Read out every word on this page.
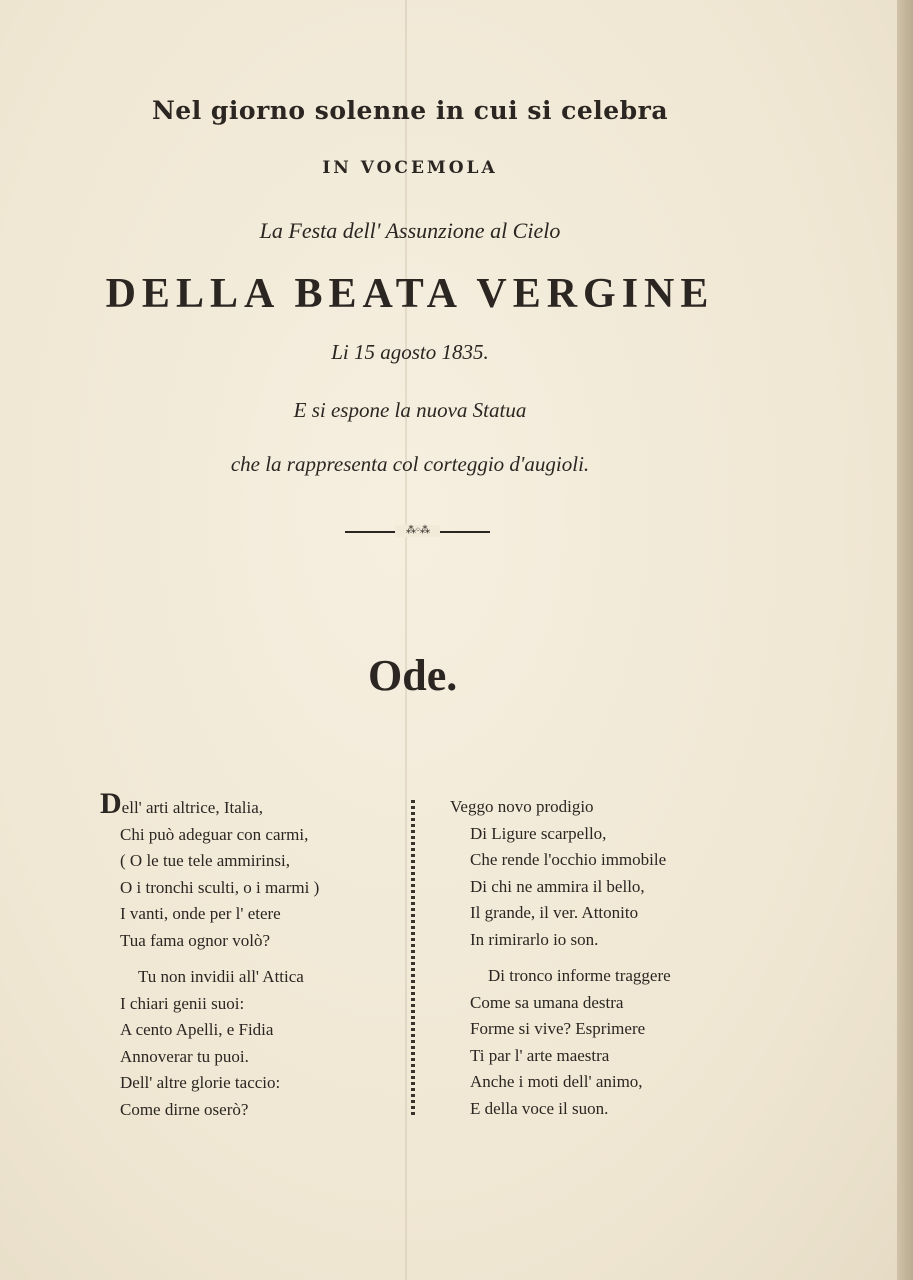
Nel giorno solenne in cui si celebra
IN VOCEMOLA
La Festa dell' Assunzione al Cielo
DELLA BEATA VERGINE
Li 15 agosto 1835.
E si espone la nuova Statua
che la rappresenta col corteggio d'augioli.
⁂◦⁂
Ode.
Dell' arti altrice, Italia,
Chi può adeguar con carmi,
( O le tue tele ammirinsi,
O i tronchi sculti, o i marmi )
I vanti, onde per l' etere
Tua fama ognor volò?
Tu non invidii all' Attica
I chiari genii suoi:
A cento Apelli, e Fidia
Annoverar tu puoi.
Dell' altre glorie taccio:
Come dirne oserò?
Veggo novo prodigio
Di Ligure scarpello,
Che rende l'occhio immobile
Di chi ne ammira il bello,
Il grande, il ver. Attonito
In rimirarlo io son.
Di tronco informe traggere
Come sa umana destra
Forme si vive? Esprimere
Ti par l' arte maestra
Anche i moti dell' animo,
E della voce il suon.
